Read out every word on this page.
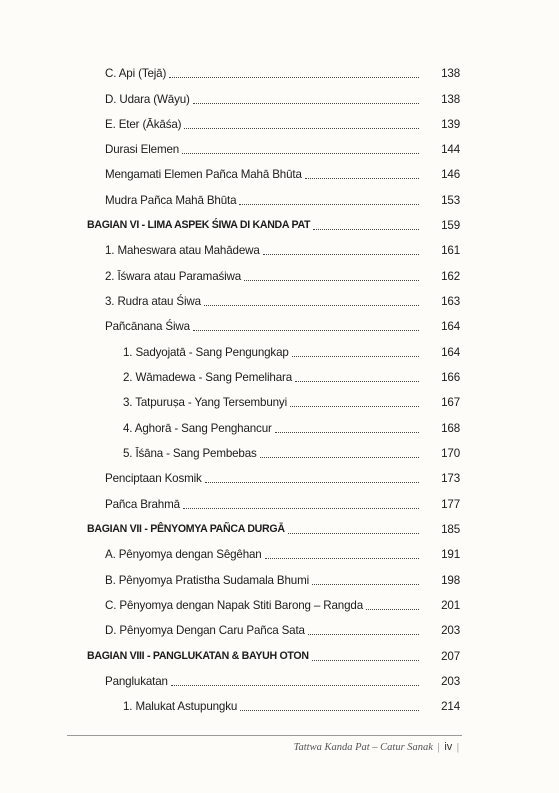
C. Api (Tejā)	138
D. Udara (Wāyu)	138
E. Eter (Ākāśa)	139
Durasi Elemen	144
Mengamati Elemen Pañca Mahā Bhūta	146
Mudra Pañca Mahā Bhūta	153
BAGIAN VI - LIMA ASPEK ŚIWA DI KANDA PAT	159
1. Maheswara atau Mahādewa	161
2. Īśwara atau Paramaśiwa	162
3. Rudra atau Śiwa	163
Pañcānana Śiwa	164
1. Sadyojatā - Sang Pengungkap	164
2. Wāmadewa - Sang Pemelihara	166
3. Tatpuruṣa - Yang Tersembunyi	167
4. Aghorā - Sang Penghancur	168
5. Īśāna - Sang Pembebas	170
Penciptaan Kosmik	173
Pañca Brahmā	177
BAGIAN VII - PÊNYOMYA PAÑCA DURGĀ	185
A. Pênyomya dengan Sêgêhan	191
B. Pênyomya Pratistha Sudamala Bhumi	198
C. Pênyomya dengan Napak Stiti Barong – Rangda	201
D. Pênyomya Dengan Caru Pañca Sata	203
BAGIAN VIII - PANGLUKATAN & BAYUH OTON	207
Panglukatan	203
1. Malukat Astupungku	214
Tattwa Kanda Pat – Catur Sanak | iv |
